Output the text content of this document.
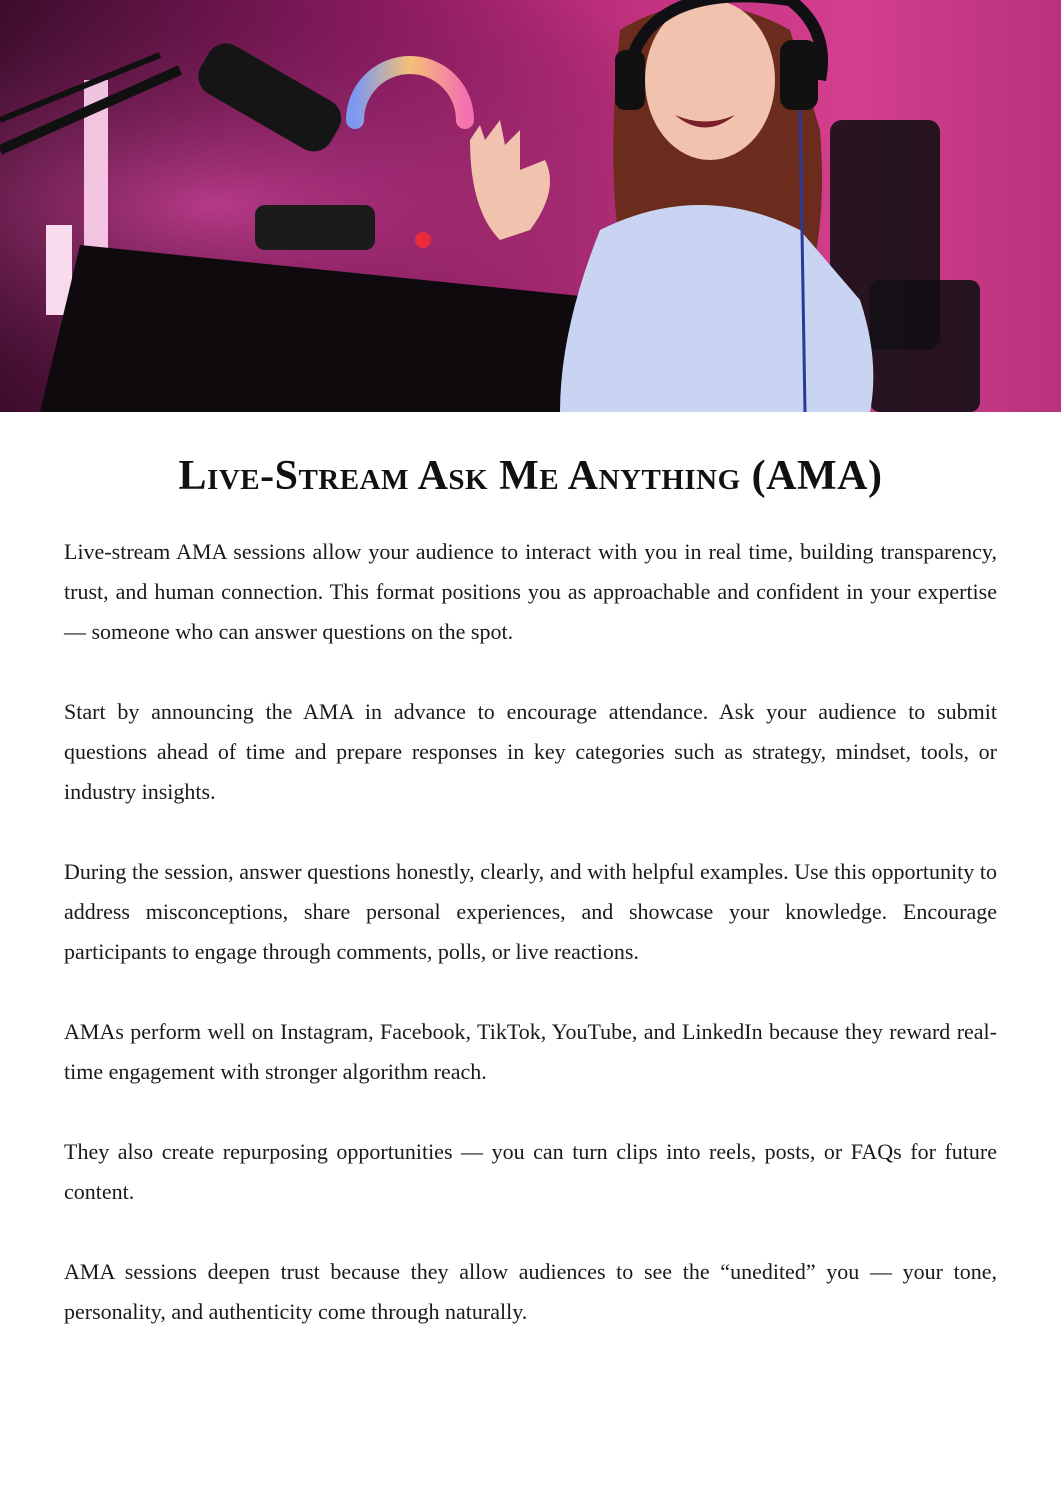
Live-Stream Ask Me Anything (AMA)

Live-stream AMA sessions allow your audience to interact with you in real time, building transparency, trust, and human connection. This format positions you as approachable and confident in your expertise — someone who can answer questions on the spot.

Start by announcing the AMA in advance to encourage attendance. Ask your audience to submit questions ahead of time and prepare responses in key categories such as strategy, mindset, tools, or industry insights.

During the session, answer questions honestly, clearly, and with helpful examples. Use this opportunity to address misconceptions, share personal experiences, and showcase your knowledge. Encourage participants to engage through comments, polls, or live reactions.

AMAs perform well on Instagram, Facebook, TikTok, YouTube, and LinkedIn because they reward real-time engagement with stronger algorithm reach.

They also create repurposing opportunities — you can turn clips into reels, posts, or FAQs for future content.

AMA sessions deepen trust because they allow audiences to see the “unedited” you — your tone, personality, and authenticity come through naturally.
